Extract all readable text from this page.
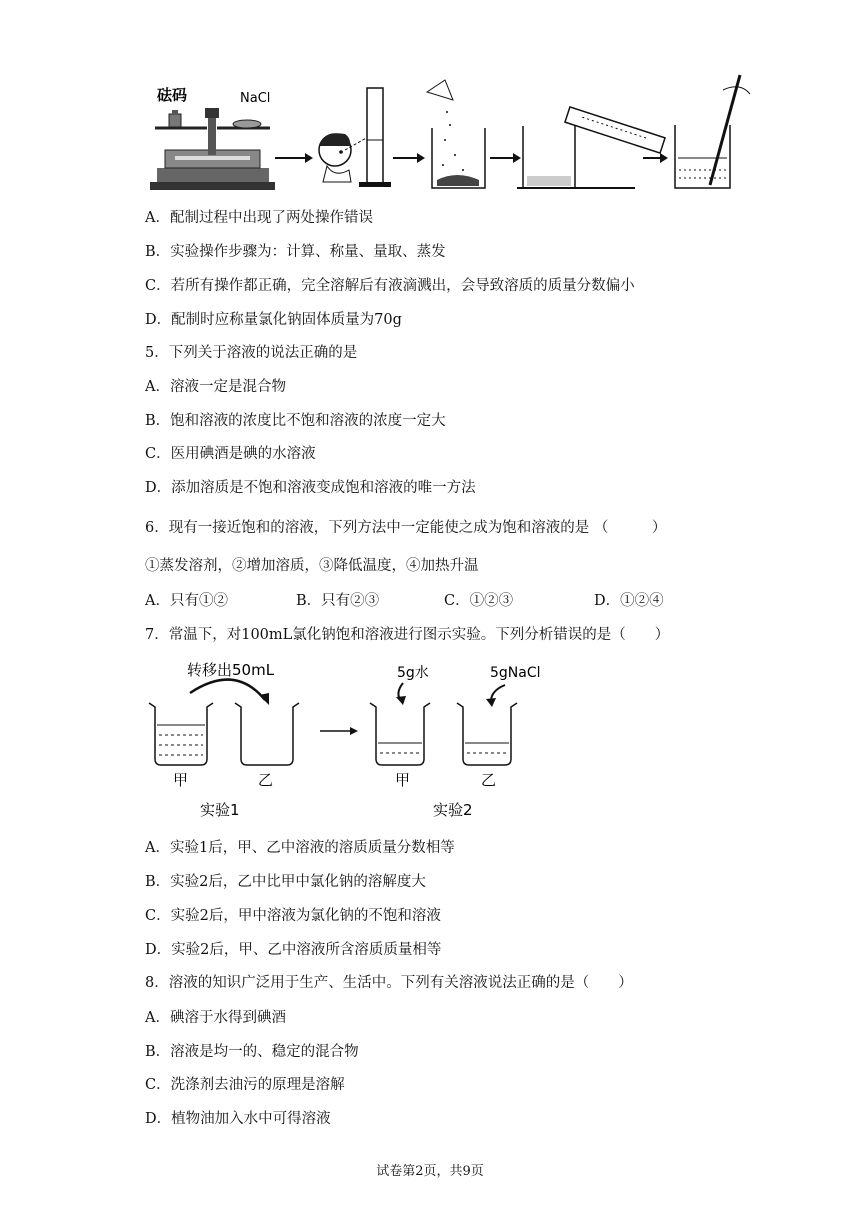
砝码	NaCl
A．配制过程中出现了两处操作错误
B．实验操作步骤为：计算、称量、量取、蒸发
C．若所有操作都正确，完全溶解后有液滴溅出，会导致溶质的质量分数偏小
D．配制时应称量氯化钠固体质量为70g
5．下列关于溶液的说法正确的是
A．溶液一定是混合物
B．饱和溶液的浓度比不饱和溶液的浓度一定大
C．医用碘酒是碘的水溶液
D．添加溶质是不饱和溶液变成饱和溶液的唯一方法
6．现有一接近饱和的溶液，下列方法中一定能使之成为饱和溶液的是 （　　　）
①蒸发溶剂，②增加溶质，③降低温度，④加热升温
A．只有①②	B．只有②③	C．①②③	D．①②④
7．常温下，对100mL氯化钠饱和溶液进行图示实验。下列分析错误的是（　　）
转移出50mL
甲	乙
实验1
5g水	5gNaCl
甲	乙
实验2
A．实验1后，甲、乙中溶液的溶质质量分数相等
B．实验2后，乙中比甲中氯化钠的溶解度大
C．实验2后，甲中溶液为氯化钠的不饱和溶液
D．实验2后，甲、乙中溶液所含溶质质量相等
8．溶液的知识广泛用于生产、生活中。下列有关溶液说法正确的是（　　）
A．碘溶于水得到碘酒
B．溶液是均一的、稳定的混合物
C．洗涤剂去油污的原理是溶解
D．植物油加入水中可得溶液
试卷第2页，共9页
